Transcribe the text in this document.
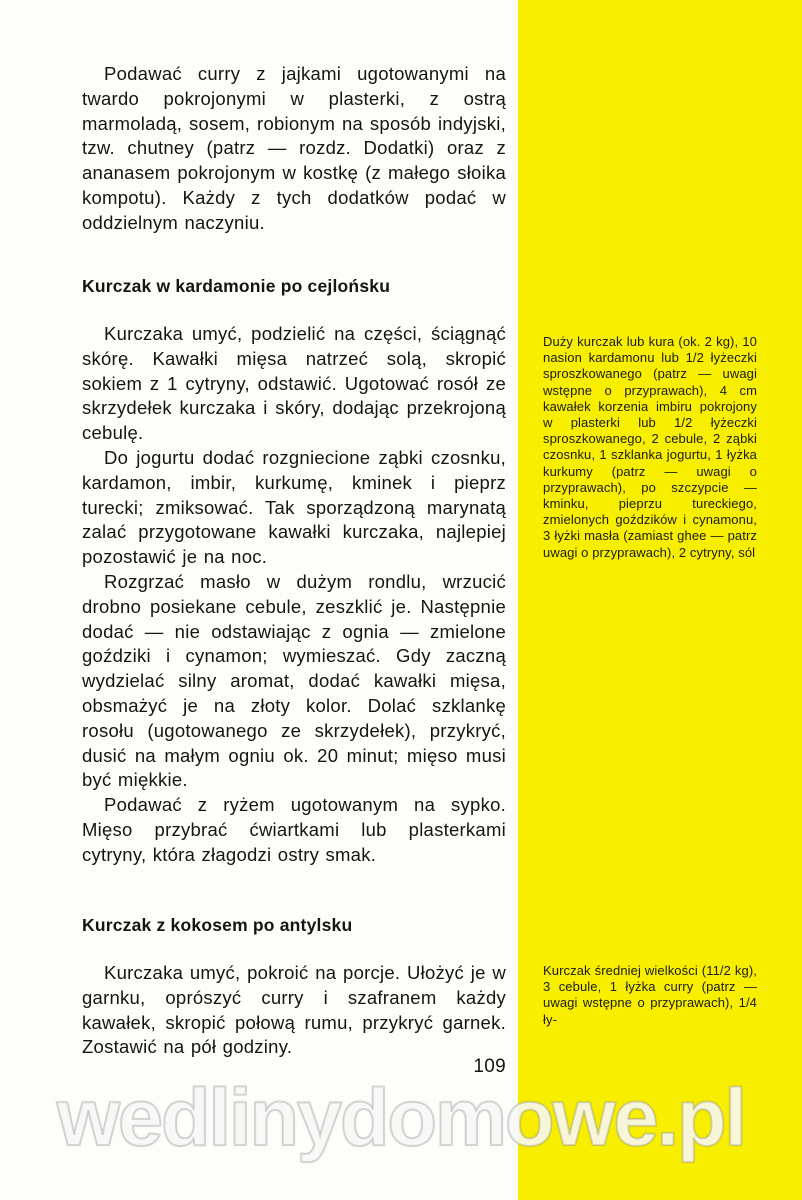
Podawać curry z jajkami ugotowanymi na twardo pokrojonymi w plasterki, z ostrą marmoladą, sosem, robionym na sposób indyjski, tzw. chutney (patrz — rozdz. Dodatki) oraz z ananasem pokrojonym w kostkę (z małego słoika kompotu). Każdy z tych dodatków podać w oddzielnym naczyniu.

Kurczak w kardamonie po cejlońsku

Kurczaka umyć, podzielić na części, ściągnąć skórę. Kawałki mięsa natrzeć solą, skropić sokiem z 1 cytryny, odstawić. Ugotować rosół ze skrzydełek kurczaka i skóry, dodając przekrojoną cebulę.

Do jogurtu dodać rozgniecione ząbki czosnku, kardamon, imbir, kurkumę, kminek i pieprz turecki; zmiksować. Tak sporządzoną marynatą zalać przygotowane kawałki kurczaka, najlepiej pozostawić je na noc.

Rozgrzać masło w dużym rondlu, wrzucić drobno posiekane cebule, zeszklić je. Następnie dodać — nie odstawiając z ognia — zmielone goździki i cynamon; wymieszać. Gdy zaczną wydzielać silny aromat, dodać kawałki mięsa, obsmażyć je na złoty kolor. Dolać szklankę rosołu (ugotowanego ze skrzydełek), przykryć, dusić na małym ogniu ok. 20 minut; mięso musi być miękkie.

Podawać z ryżem ugotowanym na sypko. Mięso przybrać ćwiartkami lub plasterkami cytryny, która złagodzi ostry smak.

Kurczak z kokosem po antylsku

Kurczaka umyć, pokroić na porcje. Ułożyć je w garnku, oprószyć curry i szafranem każdy kawałek, skropić połową rumu, przykryć garnek. Zostawić na pół godziny.

Duży kurczak lub kura (ok. 2 kg), 10 nasion kardamonu lub 1/2 łyżeczki sproszkowanego (patrz — uwagi wstępne o przyprawach), 4 cm kawałek korzenia imbiru pokrojony w plasterki lub 1/2 łyżeczki sproszkowanego, 2 cebule, 2 ząbki czosnku, 1 szklanka jogurtu, 1 łyżka kurkumy (patrz — uwagi o przyprawach), po szczypcie — kminku, pieprzu tureckiego, zmielonych goździków i cynamonu, 3 łyżki masła (zamiast ghee — patrz uwagi o przyprawach), 2 cytryny, sól
Kurczak średniej wielkości (11/2 kg), 3 cebule, 1 łyżka curry (patrz — uwagi wstępne o przyprawach), 1/4 ły-
109
wedlinydomowe.pl
